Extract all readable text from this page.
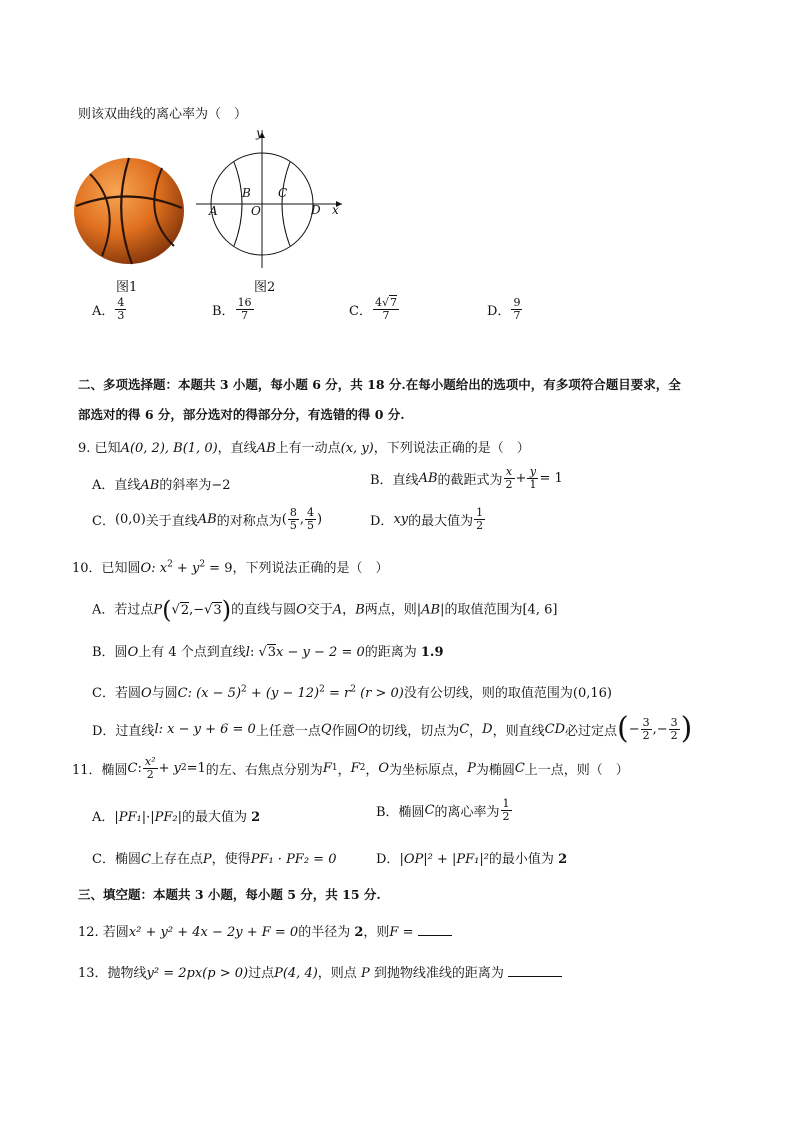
则该双曲线的离心率为（　）
图1
y
x
A
B C
O	D
图2
A． $\frac{4}{3}$	B． $\frac{16}{7}$	C． $\frac{4√7}{7}$	D． $\frac{9}{7}$
二、多项选择题：本题共 3 小题，每小题 6 分，共 18 分.在每小题给出的选项中，有多项符合题目要求，全
部选对的得 6 分，部分选对的得部分分，有选错的得 0 分.
9. 已知A(0, 2), B(1, 0)，直线AB上有一动点(x, y)，下列说法正确的是（　）
A．直线AB的斜率为−2	B．直线 AB 的截距式为 $\frac{x}{2} + \frac{y}{1} = 1$
C． (0,0) 关于直线 AB 的对称点为 ( $\frac{8}{5}$ , $\frac{4}{5}$ )	D． xy 的最大值为 $\frac{1}{2}$
10．已知圆O: $x^2 + y^2 = 9$，下列说法正确的是（　）
A．若过点P(√2,−√3)的直线与圆O交于A，B两点，则|AB|的取值范围为[4, 6]
B．圆O上有 4 个点到直线l: √3x − y − 2 = 0的距离为 1.9
C．若圆O与圆C: $(x - 5)^2 + (y - 12)^2 = r^2$ (r > 0)没有公切线，则的取值范围为(0,16)
D．过直线 l : x − y + 6 = 0 上任意一点 Q 作圆 O 的切线，切点为 C ， D ，则直线 CD 必过定点 ( − $\frac{3}{2}$ ,− $\frac{3}{2}$ )
11．椭圆 C : $\frac{\text{x²}}{2} + y$ 2 =1 的左、右焦点分别为 F 1 ， F 2 ， O 为坐标原点， P 为椭圆 C 上一点，则（　）
A．|PF₁|·|PF₂|的最大值为 2	B．椭圆 C 的离心率为 $\frac{1}{2}$
C．椭圆C上存在点P，使得PF₁ · PF₂ = 0	D．|OP|² + |PF₁|²的最小值为 2
三、填空题：本题共 3 小题，每小题 5 分，共 15 分.
12. 若圆x² + y² + 4x − 2y + F = 0的半径为 2，则F =
13．抛物线y² = 2px(p > 0)过点P(4, 4)，则点 P 到抛物线准线的距离为
